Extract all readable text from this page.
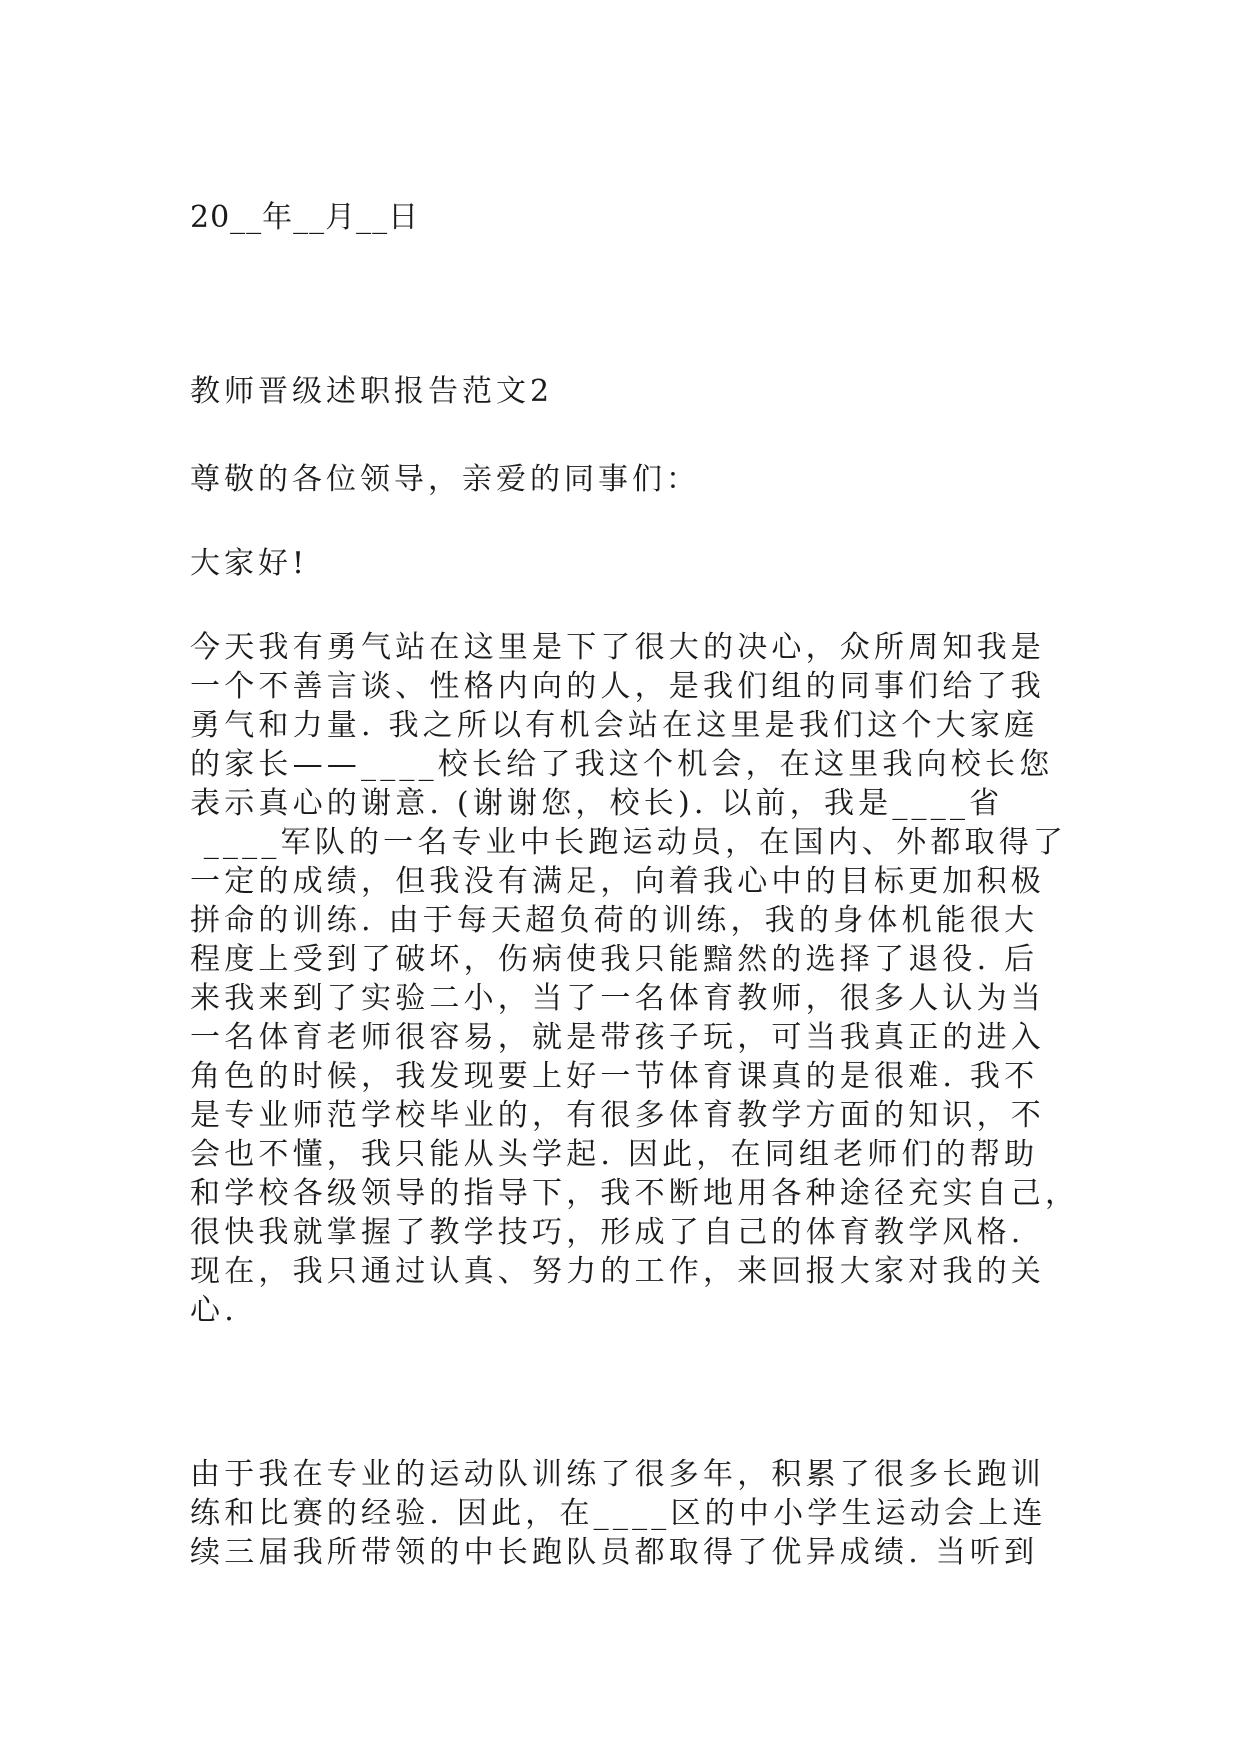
20__年__月__日
教师晋级述职报告范文2
尊敬的各位领导，亲爱的同事们：
大家好!
今天我有勇气站在这里是下了很大的决心，众所周知我是
一个不善言谈、性格内向的人，是我们组的同事们给了我
勇气和力量. 我之所以有机会站在这里是我们这个大家庭
的家长——____校长给了我这个机会，在这里我向校长您
表示真心的谢意. (谢谢您，校长). 以前，我是____省
____军队的一名专业中长跑运动员，在国内、外都取得了
一定的成绩，但我没有满足，向着我心中的目标更加积极
拼命的训练. 由于每天超负荷的训练，我的身体机能很大
程度上受到了破坏，伤病使我只能黯然的选择了退役. 后
来我来到了实验二小，当了一名体育教师，很多人认为当
一名体育老师很容易，就是带孩子玩，可当我真正的进入
角色的时候，我发现要上好一节体育课真的是很难. 我不
是专业师范学校毕业的，有很多体育教学方面的知识，不
会也不懂，我只能从头学起. 因此，在同组老师们的帮助
和学校各级领导的指导下，我不断地用各种途径充实自己，
很快我就掌握了教学技巧，形成了自己的体育教学风格.
现在，我只通过认真、努力的工作，来回报大家对我的关
心.
由于我在专业的运动队训练了很多年，积累了很多长跑训
练和比赛的经验. 因此，在____区的中小学生运动会上连
续三届我所带领的中长跑队员都取得了优异成绩. 当听到
